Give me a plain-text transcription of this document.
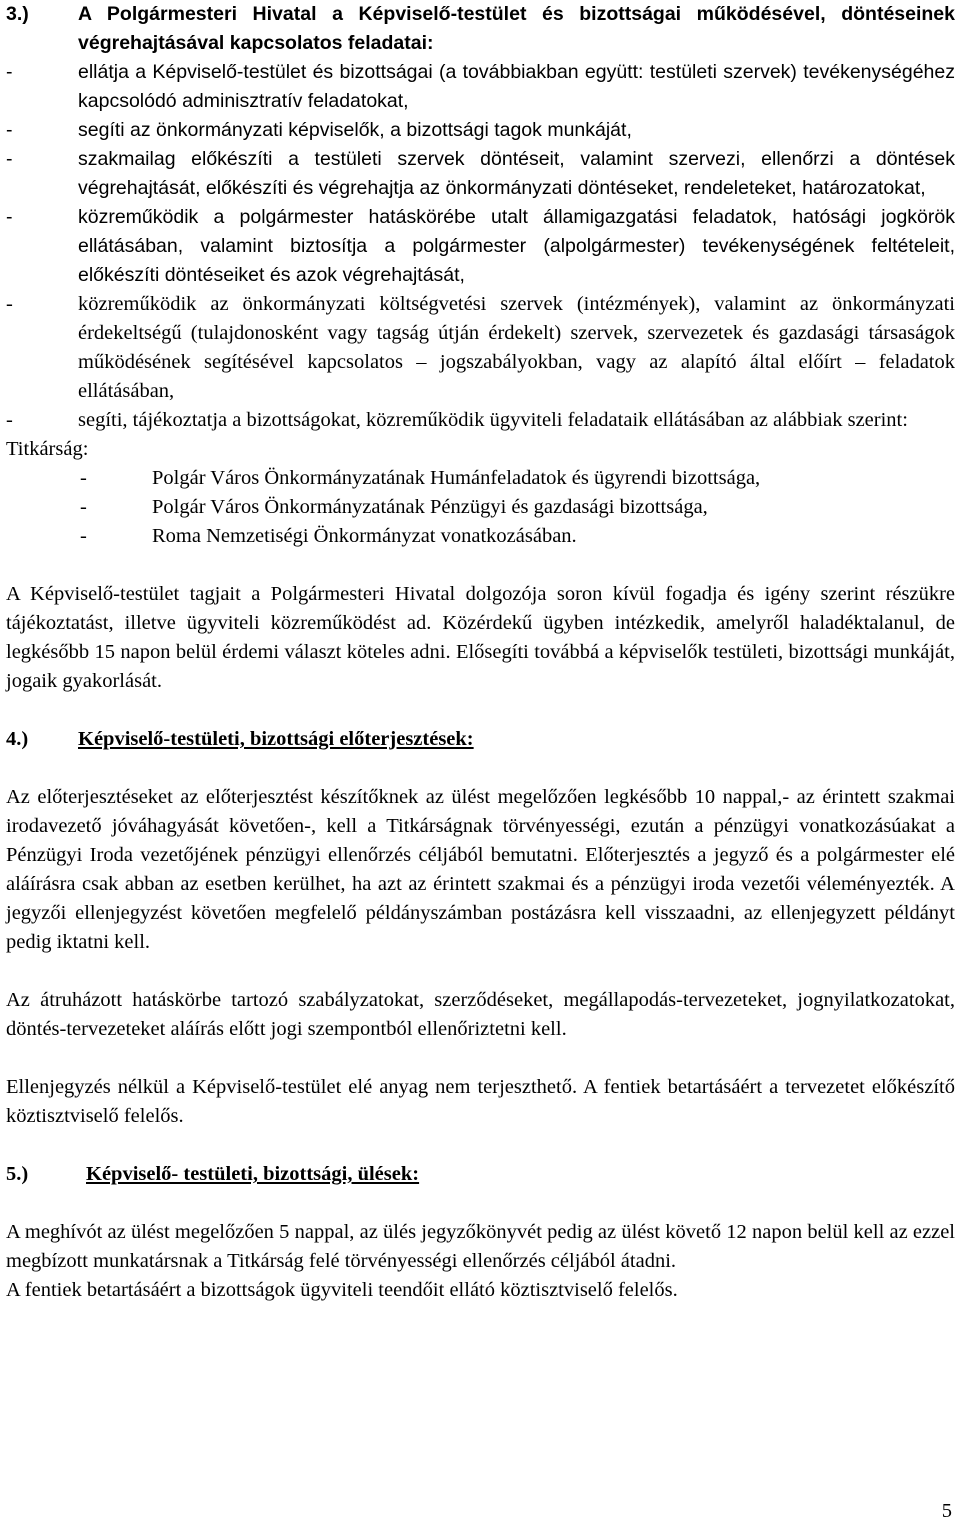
3.)	A Polgármesteri Hivatal a Képviselő-testület és bizottságai működésével, döntéseinek végrehajtásával kapcsolatos feladatai:
-	ellátja a Képviselő-testület és bizottságai (a továbbiakban együtt: testületi szervek) tevékenységéhez kapcsolódó adminisztratív feladatokat,
-	segíti az önkormányzati képviselők, a bizottsági tagok munkáját,
-	szakmailag előkészíti a testületi szervek döntéseit, valamint szervezi, ellenőrzi a döntések végrehajtását, előkészíti és végrehajtja az önkormányzati döntéseket, rendeleteket, határozatokat,
-	közreműködik a polgármester hatáskörébe utalt államigazgatási feladatok, hatósági jogkörök ellátásában, valamint biztosítja a polgármester (alpolgármester) tevékenységének feltételeit, előkészíti döntéseiket és azok végrehajtását,
-	közreműködik az önkormányzati költségvetési szervek (intézmények), valamint az önkormányzati érdekeltségű (tulajdonosként vagy tagság útján érdekelt) szervek, szervezetek és gazdasági társaságok működésének segítésével kapcsolatos – jogszabályokban, vagy az alapító által előírt – feladatok ellátásában,
-	segíti, tájékoztatja a bizottságokat, közreműködik ügyviteli feladataik ellátásában az alábbiak szerint:
Titkárság:
-	Polgár Város Önkormányzatának Humánfeladatok és ügyrendi bizottsága,
-	Polgár Város Önkormányzatának Pénzügyi és gazdasági bizottsága,
-	Roma Nemzetiségi Önkormányzat vonatkozásában.

A Képviselő-testület tagjait a Polgármesteri Hivatal dolgozója soron kívül fogadja és igény szerint részükre tájékoztatást, illetve ügyviteli közreműködést ad. Közérdekű ügyben intézkedik, amelyről haladéktalanul, de legkésőbb 15 napon belül érdemi választ köteles adni. Elősegíti továbbá a képviselők testületi, bizottsági munkáját, jogaik gyakorlását.

4.)	Képviselő-testületi, bizottsági előterjesztések:

Az előterjesztéseket az előterjesztést készítőknek az ülést megelőzően legkésőbb 10 nappal,- az érintett szakmai irodavezető jóváhagyását követően-, kell a Titkárságnak törvényességi, ezután a pénzügyi vonatkozásúakat a Pénzügyi Iroda vezetőjének pénzügyi ellenőrzés céljából bemutatni. Előterjesztés a jegyző és a polgármester elé aláírásra csak abban az esetben kerülhet, ha azt az érintett szakmai és a pénzügyi iroda vezetői véleményezték. A jegyzői ellenjegyzést követően megfelelő példányszámban postázásra kell visszaadni, az ellenjegyzett példányt pedig iktatni kell.

Az átruházott hatáskörbe tartozó szabályzatokat, szerződéseket, megállapodás-tervezeteket, jognyilatkozatokat, döntés-tervezeteket aláírás előtt jogi szempontból ellenőriztetni kell.

Ellenjegyzés nélkül a Képviselő-testület elé anyag nem terjeszthető. A fentiek betartásáért a tervezetet előkészítő köztisztviselő felelős.

5.)	Képviselő- testületi, bizottsági, ülések:

A meghívót az ülést megelőzően 5 nappal, az ülés jegyzőkönyvét pedig az ülést követő 12 napon belül kell az ezzel megbízott munkatársnak a Titkárság felé törvényességi ellenőrzés céljából átadni.

A fentiek betartásáért a bizottságok ügyviteli teendőit ellátó köztisztviselő felelős.

5
